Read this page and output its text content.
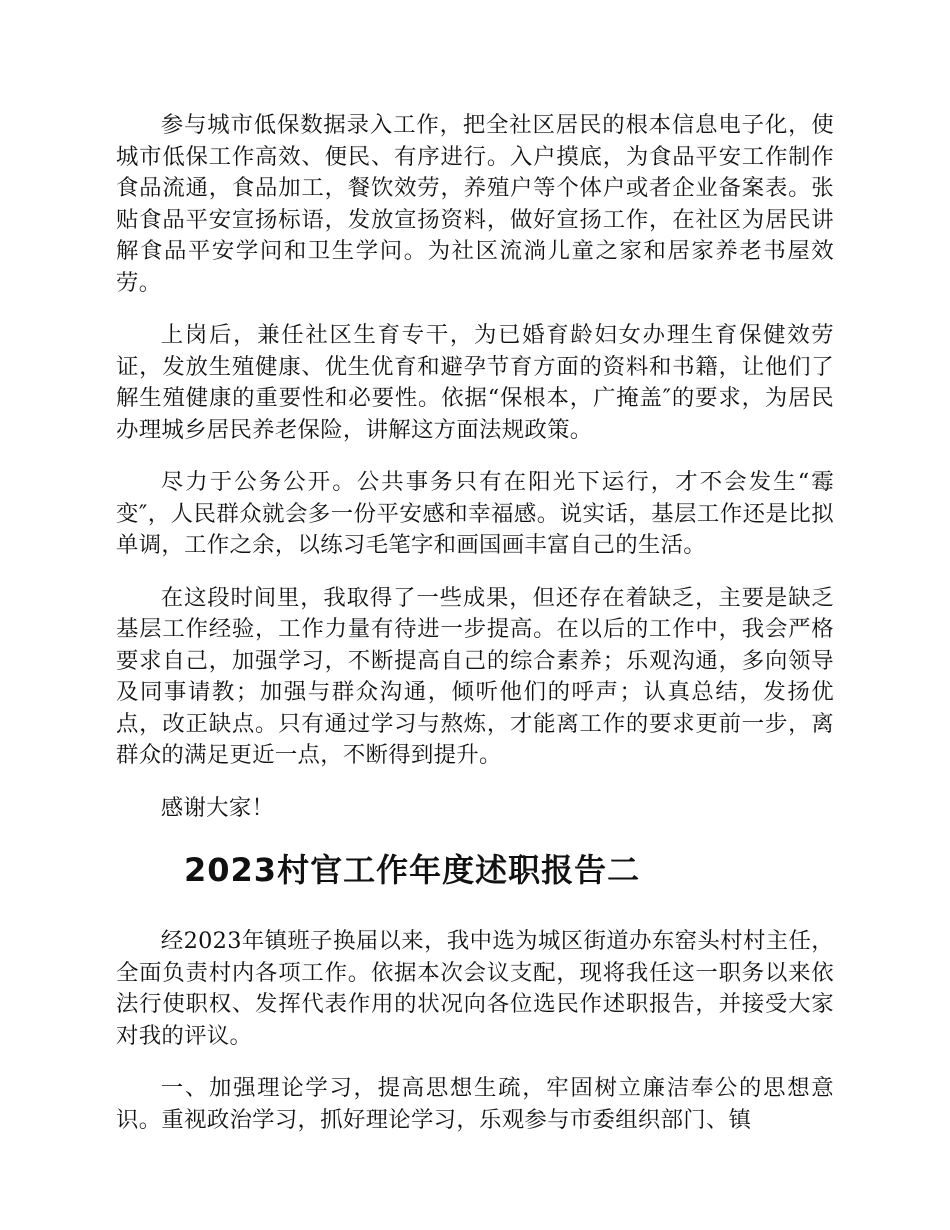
参与城市低保数据录入工作，把全社区居民的根本信息电子化，使城市低保工作高效、便民、有序进行。入户摸底，为食品平安工作制作食品流通，食品加工，餐饮效劳，养殖户等个体户或者企业备案表。张贴食品平安宣扬标语，发放宣扬资料，做好宣扬工作，在社区为居民讲解食品平安学问和卫生学问。为社区流淌儿童之家和居家养老书屋效劳。

上岗后，兼任社区生育专干，为已婚育龄妇女办理生育保健效劳证，发放生殖健康、优生优育和避孕节育方面的资料和书籍，让他们了解生殖健康的重要性和必要性。依据“保根本，广掩盖″的要求，为居民办理城乡居民养老保险，讲解这方面法规政策。

尽力于公务公开。公共事务只有在阳光下运行，才不会发生“霉变″，人民群众就会多一份平安感和幸福感。说实话，基层工作还是比拟单调，工作之余，以练习毛笔字和画国画丰富自己的生活。

在这段时间里，我取得了一些成果，但还存在着缺乏，主要是缺乏基层工作经验，工作力量有待进一步提高。在以后的工作中，我会严格要求自己，加强学习，不断提高自己的综合素养；乐观沟通，多向领导及同事请教；加强与群众沟通，倾听他们的呼声；认真总结，发扬优点，改正缺点。只有通过学习与熬炼，才能离工作的要求更前一步，离群众的满足更近一点，不断得到提升。

感谢大家！

2023村官工作年度述职报告二

经2023年镇班子换届以来，我中选为城区街道办东窑头村村主任，全面负责村内各项工作。依据本次会议支配，现将我任这一职务以来依法行使职权、发挥代表作用的状况向各位选民作述职报告，并接受大家对我的评议。

一、加强理论学习，提高思想生疏，牢固树立廉洁奉公的思想意识。重视政治学习，抓好理论学习，乐观参与市委组织部门、镇
